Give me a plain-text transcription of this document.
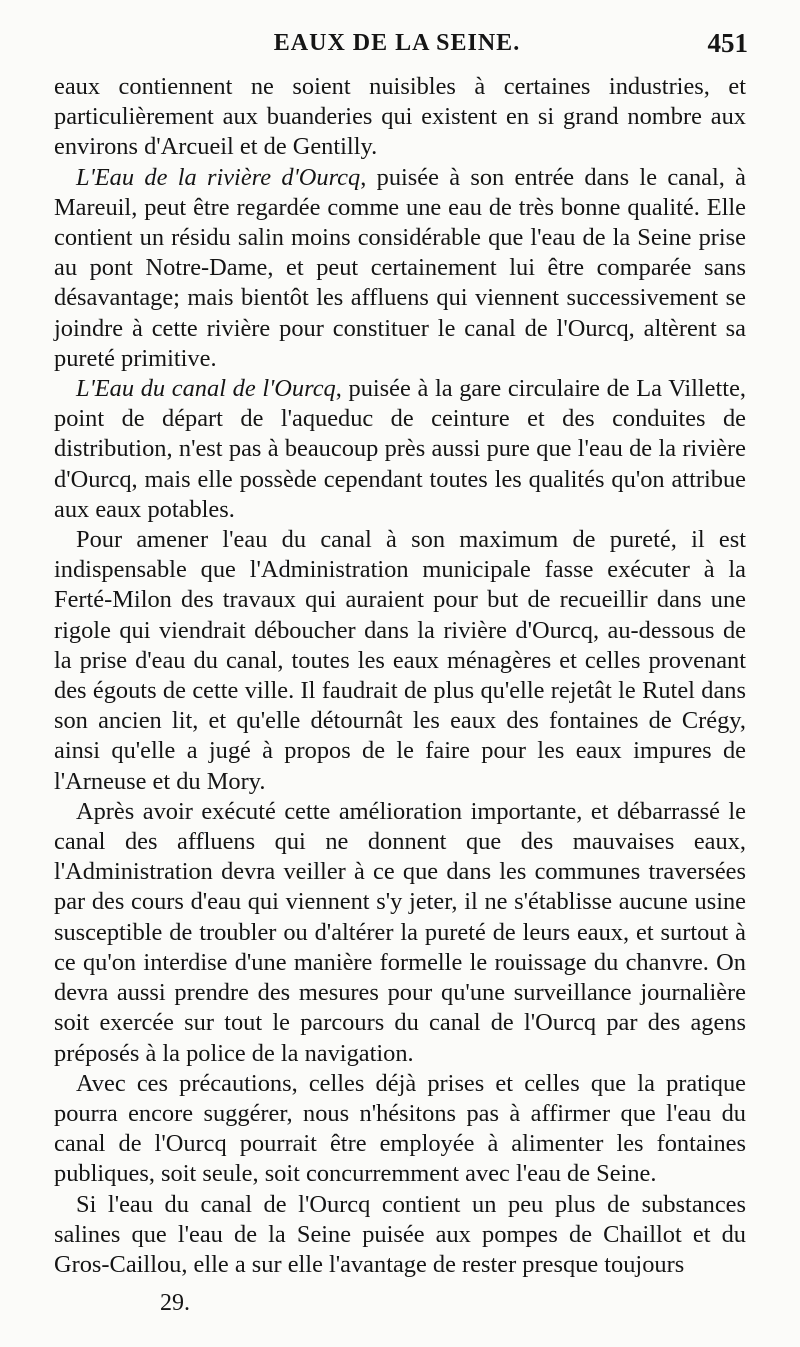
EAUX DE LA SEINE.	451

eaux contiennent ne soient nuisibles à certaines industries, et particulièrement aux buanderies qui existent en si grand nombre aux environs d'Arcueil et de Gentilly.

L'Eau de la rivière d'Ourcq, puisée à son entrée dans le canal, à Mareuil, peut être regardée comme une eau de très bonne qualité. Elle contient un résidu salin moins considérable que l'eau de la Seine prise au pont Notre-Dame, et peut certainement lui être comparée sans désavantage; mais bientôt les affluens qui viennent successivement se joindre à cette rivière pour constituer le canal de l'Ourcq, altèrent sa pureté primitive.

L'Eau du canal de l'Ourcq, puisée à la gare circulaire de La Villette, point de départ de l'aqueduc de ceinture et des conduites de distribution, n'est pas à beaucoup près aussi pure que l'eau de la rivière d'Ourcq, mais elle possède cependant toutes les qualités qu'on attribue aux eaux potables.

Pour amener l'eau du canal à son maximum de pureté, il est indispensable que l'Administration municipale fasse exécuter à la Ferté-Milon des travaux qui auraient pour but de recueillir dans une rigole qui viendrait déboucher dans la rivière d'Ourcq, au-dessous de la prise d'eau du canal, toutes les eaux ménagères et celles provenant des égouts de cette ville. Il faudrait de plus qu'elle rejetât le Rutel dans son ancien lit, et qu'elle détournât les eaux des fontaines de Crégy, ainsi qu'elle a jugé à propos de le faire pour les eaux impures de l'Arneuse et du Mory.

Après avoir exécuté cette amélioration importante, et débarrassé le canal des affluens qui ne donnent que des mauvaises eaux, l'Administration devra veiller à ce que dans les communes traversées par des cours d'eau qui viennent s'y jeter, il ne s'établisse aucune usine susceptible de troubler ou d'altérer la pureté de leurs eaux, et surtout à ce qu'on interdise d'une manière formelle le rouissage du chanvre. On devra aussi prendre des mesures pour qu'une surveillance journalière soit exercée sur tout le parcours du canal de l'Ourcq par des agens préposés à la police de la navigation.

Avec ces précautions, celles déjà prises et celles que la pratique pourra encore suggérer, nous n'hésitons pas à affirmer que l'eau du canal de l'Ourcq pourrait être employée à alimenter les fontaines publiques, soit seule, soit concurremment avec l'eau de Seine.

Si l'eau du canal de l'Ourcq contient un peu plus de substances salines que l'eau de la Seine puisée aux pompes de Chaillot et du Gros-Caillou, elle a sur elle l'avantage de rester presque toujours

29.
